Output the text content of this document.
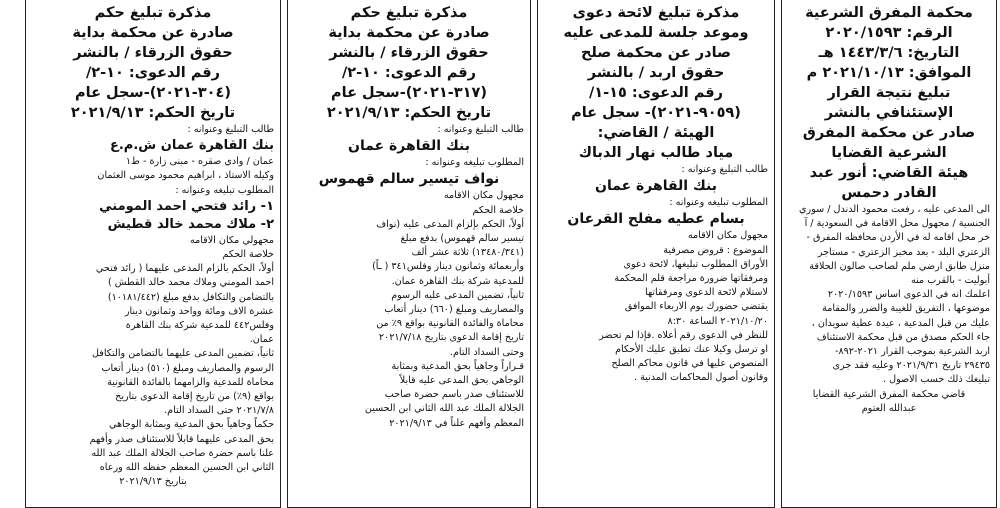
محكمة المفرق الشرعية
الرقم: ٢٠٢٠/١٥٩٣
التاريخ: ١٤٤٣/٣/٦ هـ
الموافق: ٢٠٢١/١٠/١٣ م
تبليغ نتيجة القرار
الإستئنافي بالنشر
صادر عن محكمة المفرق
الشرعية القضايا
هيئة القاضي: أنور عبد
القادر دحمس
الى المدعى عليه ، رفعت محمود الدندل / سوري
الجنسية / مجهول محل الاقامة في السعودية / آ
خر محل اقامه له في الأردن محافظه المفرق -
الزعتري البلد - بعد مخبز الزعتري - مستاجر
منزل طابق ارضي ملم لصاحب صالون الحلاقة
أبوليت - بالقرب منه
اعلمك انه في الدعوى اساس ٢٠٢٠/١٥٩٣
موضوعها ، التفريق للغيبة والضرر والمقامة
عليك من قبل المدعية ، عيدة عطية سويدان ،
جاء الحكم مصدق من قبل محكمة الاستئناف
اربد الشرعية بموجب القرار ٢٠٢١-٨٩٢-
٢٩٤٣٥ تاريخ ٢٠٢١/٩/٣١ وعليه فقد جرى
تبليغك ذلك حسب الاصول .
قاضي محكمة المفرق الشرعية القضايا
عبدالله العتوم
مذكرة تبليغ لائحة دعوى
وموعد جلسة للمدعى عليه
صادر عن محكمة صلح
حقوق اربد / بالنشر
رقم الدعوى: ١٥-١/
(٩٠٥٩-٢٠٢١)- سجل عام
الهيئة / القاضي:
مياد طالب نهار الدباك
طالب التبليغ وعنوانه :
بنك القاهرة عمان
المطلوب تبليغه وعنوانه :
بسام عطيه مفلح القرعان
مجهول مكان الاقامه
الموضوع : قروض مصرفية
الأوراق المطلوب تبليغها، لائحة دعوى
ومرفقاتها ضرورة مراجعة قلم المحكمة
لاستلام لائحة الدعوى ومرفقاتها
يقتضي حضورك يوم الاربعاء الموافق
٢٠٢١/١٠/٢٠ الساعة ٨:٣٠
للنظر في الدعوى رقم أعلاه .فإذا لم تحضر
او ترسل وكيلا عنك تطبق عليك الأحكام
المنصوص عليها في قانون محاكم الصلح
وقانون أصول المحاكمات المدنية .
مذكرة تبليغ حكم
صادرة عن محكمة بداية
حقوق الزرقاء / بالنشر
رقم الدعوى: ١٠-٢/
(٣١٧-٢٠٢١)-سجل عام
تاريخ الحكم: ٢٠٢١/٩/١٣
طالب التبليغ وعنوانه :
بنك القاهرة عمان
المطلوب تبليغه وعنوانه :
نواف تيسير سالم قهموس
مجهول مكان الاقامه
خلاصة الحكم
أولاً، الحكم بإلزام المدعى عليه (نواف
تيسير سالم قهموس) بدفع مبلغ
(١٣٤٨٠/٣٤١) ثلاثة عشر ألف
وأربعمائة وثمانون دينار وفلس٣٤١ ( ـاً)
للمدعية شركة بنك القاهرة عمان.
ثانياً، تضمين المدعى عليه الرسوم
والمصاريف ومبلغ (٦٦٠) دينار أتعاب
محاماة والفائدة القانونية بواقع ٩٪ من
تاريخ إقامة الدعوى بتاريخ ٢٠٢١/٧/١٨
وحتى السداد التام.
قـراراً وجاهياً بحق المدعية وبمثابة
الوجاهي بحق المدعى عليه قابلاً
للاستئناف صدر باسم حضرة صاحب
الجلالة الملك عبد الله الثاني ابن الحسين
المعظم وأفهم علناً في ٢٠٢١/٩/١٣
مذكرة تبليغ حكم
صادرة عن محكمة بداية
حقوق الزرقاء / بالنشر
رقم الدعوى: ١٠-٢/
(٣٠٤-٢٠٢١)-سجل عام
تاريخ الحكم: ٢٠٢١/٩/١٣
طالب التبليغ وعنوانه :
بنك القاهرة عمان ش.م.ع
عمان / وادي صقره - مبنى زارة - ط١
وكيله الاستاذ ، ابراهيم محمود موسى العثمان
المطلوب تبليغه وعنوانه :
١- رائد فتحي احمد المومني
٢- ملاك محمد خالد قطيش
مجهولي مكان الاقامه
خلاصة الحكم
أولاً، الحكم بالزام المدعى عليهما ( رائد فتحي
احمد المومني وملاك محمد خالد القطش )
بالتضامن والتكافل بدفع مبلغ (١٠١٨١/٤٤٢)
عشرة الاف ومائة وواحد وثمانون دينار
وفلس٤٤٢ للمدعية شركة بنك القاهرة
عمان.
ثانياً، تضمين المدعى عليهما بالتضامن والتكافل
الرسوم والمصاريف ومبلغ (٥١٠) دينار أتعاب
محاماة للمدعية والزامهما بالفائدة القانونية
بواقع (٩٪) من تاريخ إقامة الدعوى بتاريخ
٢٠٢١/٧/٨ حتى السداد التام.
حكماً وجاهياً بحق المدعية وبمثابة الوجاهي
بحق المدعى عليهما قابلاً للاستئناف صدر وأفهم
علنا باسم حضرة صاحب الجلالة الملك عبد الله
الثاني ابن الحسين المعظم حفظه الله ورعاه
بتاريخ ٢٠٢١/٩/١٣
